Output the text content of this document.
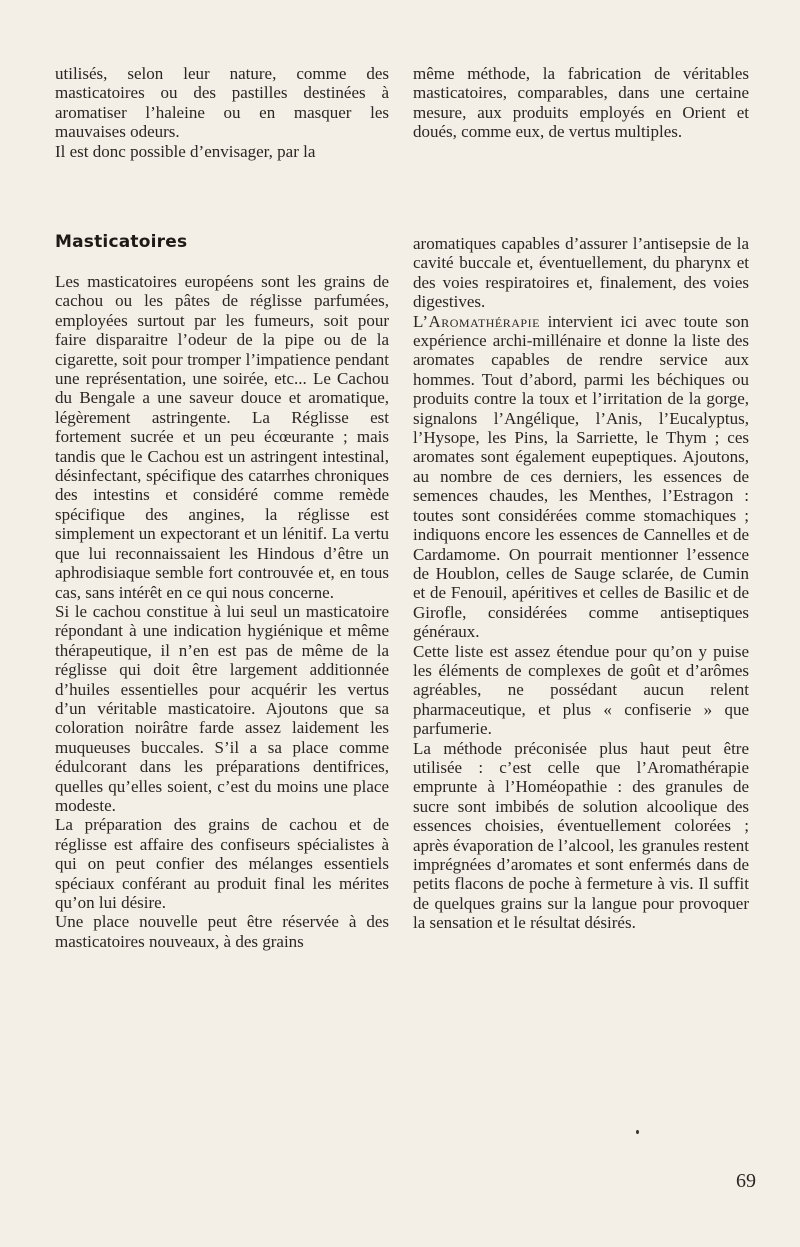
utilisés, selon leur nature, comme des masticatoires ou des pastilles destinées à aromatiser l’haleine ou en masquer les mauvaises odeurs.

Il est donc possible d’envisager, par la

même méthode, la fabrication de véritables masticatoires, comparables, dans une certaine mesure, aux produits employés en Orient et doués, comme eux, de vertus multiples.

Masticatoires

Les masticatoires européens sont les grains de cachou ou les pâtes de réglisse parfumées, employées surtout par les fumeurs, soit pour faire disparaitre l’odeur de la pipe ou de la cigarette, soit pour tromper l’impatience pendant une représentation, une soirée, etc... Le Cachou du Bengale a une saveur douce et aromatique, légèrement astringente. La Réglisse est fortement sucrée et un peu écœurante ; mais tandis que le Cachou est un astringent intestinal, désinfectant, spécifique des catarrhes chroniques des intestins et considéré comme remède spécifique des angines, la réglisse est simplement un expectorant et un lénitif. La vertu que lui reconnaissaient les Hindous d’être un aphrodisiaque semble fort controuvée et, en tous cas, sans intérêt en ce qui nous concerne.

Si le cachou constitue à lui seul un masticatoire répondant à une indication hygiénique et même thérapeutique, il n’en est pas de même de la réglisse qui doit être largement additionnée d’huiles essentielles pour acquérir les vertus d’un véritable masticatoire. Ajoutons que sa coloration noirâtre farde assez laidement les muqueuses buccales. S’il a sa place comme édulcorant dans les préparations dentifrices, quelles qu’elles soient, c’est du moins une place modeste.

La préparation des grains de cachou et de réglisse est affaire des confiseurs spécialistes à qui on peut confier des mélanges essentiels spéciaux conférant au produit final les mérites qu’on lui désire.

Une place nouvelle peut être réservée à des masticatoires nouveaux, à des grains

aromatiques capables d’assurer l’antisepsie de la cavité buccale et, éventuellement, du pharynx et des voies respiratoires et, finalement, des voies digestives.

L’Aromathérapie intervient ici avec toute son expérience archi-millénaire et donne la liste des aromates capables de rendre service aux hommes. Tout d’abord, parmi les béchiques ou produits contre la toux et l’irritation de la gorge, signalons l’Angélique, l’Anis, l’Eucalyptus, l’Hysope, les Pins, la Sarriette, le Thym ; ces aromates sont également eupeptiques. Ajoutons, au nombre de ces derniers, les essences de semences chaudes, les Menthes, l’Estragon : toutes sont considérées comme stomachiques ; indiquons encore les essences de Cannelles et de Cardamome. On pourrait mentionner l’essence de Houblon, celles de Sauge sclarée, de Cumin et de Fenouil, apéritives et celles de Basilic et de Girofle, considérées comme antiseptiques généraux.

Cette liste est assez étendue pour qu’on y puise les éléments de complexes de goût et d’arômes agréables, ne possédant aucun relent pharmaceutique, et plus « confiserie » que parfumerie.

La méthode préconisée plus haut peut être utilisée : c’est celle que l’Aromathérapie emprunte à l’Homéopathie : des granules de sucre sont imbibés de solution alcoolique des essences choisies, éventuellement colorées ; après évaporation de l’alcool, les granules restent imprégnées d’aromates et sont enfermés dans de petits flacons de poche à fermeture à vis. Il suffit de quelques grains sur la langue pour provoquer la sensation et le résultat désirés.

69
